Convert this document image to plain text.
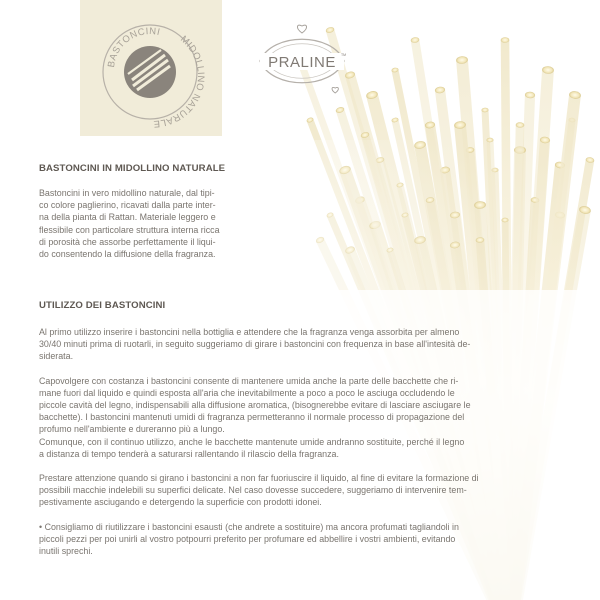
BASTONCINI
MIDOLLINO NATURALE
PRALINE TM
BASTONCINI IN MIDOLLINO NATURALE
Bastoncini in vero midollino naturale, dal tipi-
co colore paglierino, ricavati dalla parte inter-
na della pianta di Rattan. Materiale leggero e
flessibile con particolare struttura interna ricca
di porosità che assorbe perfettamente il liqui-
do consentendo la diffusione della fragranza.
UTILIZZO DEI BASTONCINI
Al primo utilizzo inserire i bastoncini nella bottiglia e attendere che la fragranza venga assorbita per almeno
30/40 minuti prima di ruotarli, in seguito suggeriamo di girare i bastoncini con frequenza in base all'intesità de-
siderata.
Capovolgere con costanza i bastoncini consente di mantenere umida anche la parte delle bacchette che ri-
mane fuori dal liquido e quindi esposta all'aria che inevitabilmente a poco a poco le asciuga occludendo le
piccole cavità del legno, indispensabili alla diffusione aromatica, (bisognerebbe evitare di lasciare asciugare le
bacchette). I bastoncini mantenuti umidi di fragranza permetteranno il normale processo di propagazione del
profumo nell'ambiente e dureranno più a lungo.
Comunque, con il continuo utilizzo, anche le bacchette mantenute umide andranno sostituite, perché il legno
a distanza di tempo tenderà a saturarsi rallentando il rilascio della fragranza.
Prestare attenzione quando si girano i bastoncini a non far fuoriuscire il liquido, al fine di evitare la formazione di
possibili macchie indelebili su superfici delicate. Nel caso dovesse succedere, suggeriamo di intervenire tem-
pestivamente asciugando e detergendo la superficie con prodotti idonei.
• Consigliamo di riutilizzare i bastoncini esausti (che andrete a sostituire) ma ancora profumati tagliandoli in
piccoli pezzi per poi unirli al vostro potpourri preferito per profumare ed abbellire i vostri ambienti, evitando
inutili sprechi.
